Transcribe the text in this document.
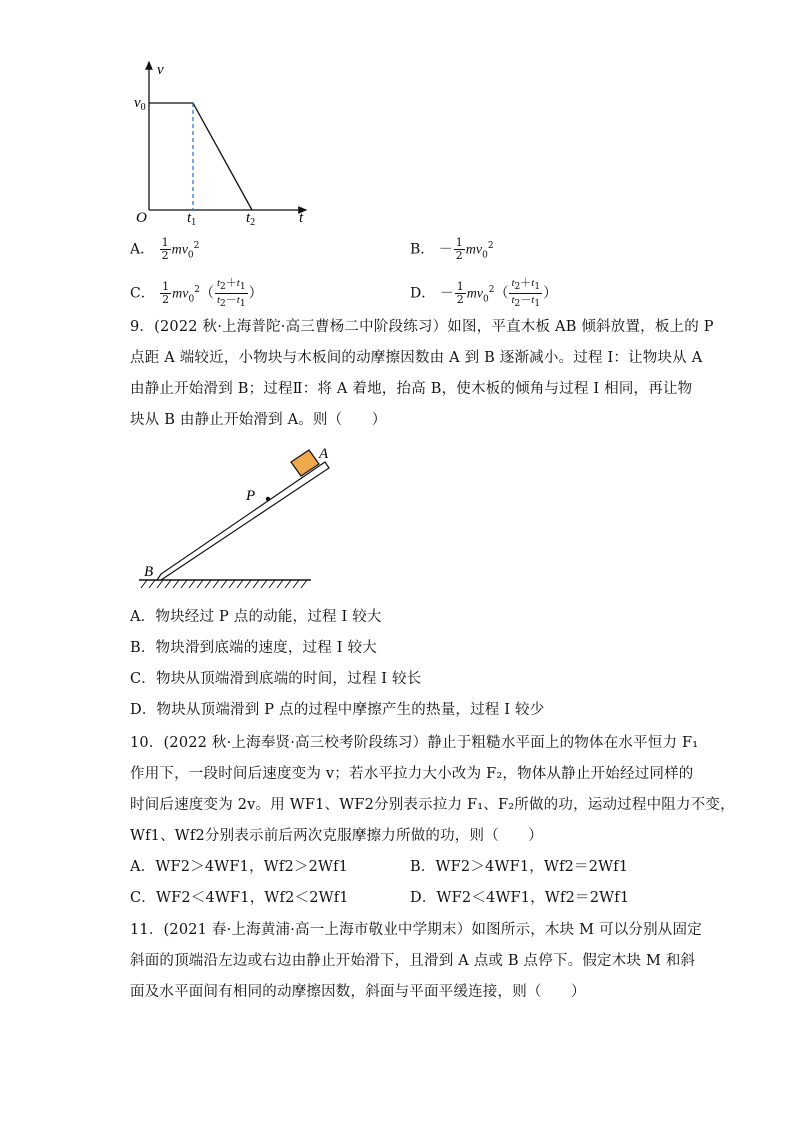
v
t
O
$v_0$
$t_1$	$t_2$
A． $\frac{1}{2} mv_0^2$	B． － $\frac{1}{2} mv_0^2$
C． $\frac{1}{2} mv_0^2( \frac{t_2+t_1}{t_2-t_1}$ ）	D． － $\frac{1}{2} mv_0^2( \frac{t_2+t_1}{t_2-t_1}$ ）
9．(2022 秋·上海普陀·高三曹杨二中阶段练习）如图，平直木板 AB 倾斜放置，板上的 P
点距 A 端较近，小物块与木板间的动摩擦因数由 A 到 B 逐渐减小。过程 I：让物块从 A
由静止开始滑到 B；过程Ⅱ：将 A 着地，抬高 B，使木板的倾角与过程 I 相同，再让物
块从 B 由静止开始滑到 A。则（　　）
A
P
B
A．物块经过 P 点的动能，过程 I 较大
B．物块滑到底端的速度，过程 I 较大
C．物块从顶端滑到底端的时间，过程 I 较长
D．物块从顶端滑到 P 点的过程中摩擦产生的热量，过程 I 较少
10．(2022 秋·上海奉贤·高三校考阶段练习）静止于粗糙水平面上的物体在水平恒力 F₁
作用下，一段时间后速度变为 v；若水平拉力大小改为 F₂，物体从静止开始经过同样的
时间后速度变为 2v。用 WF1、WF2分别表示拉力 F₁、F₂所做的功，运动过程中阻力不变，
Wf1、Wf2分别表示前后两次克服摩擦力所做的功，则（　　）
A．WF2＞4WF1，Wf2＞2Wf1	B．WF2＞4WF1，Wf2＝2Wf1
C．WF2＜4WF1，Wf2＜2Wf1	D．WF2＜4WF1，Wf2＝2Wf1
11．(2021 春·上海黄浦·高一上海市敬业中学期末）如图所示，木块 M 可以分别从固定
斜面的顶端沿左边或右边由静止开始滑下，且滑到 A 点或 B 点停下。假定木块 M 和斜
面及水平面间有相同的动摩擦因数，斜面与平面平缓连接，则（　　）
